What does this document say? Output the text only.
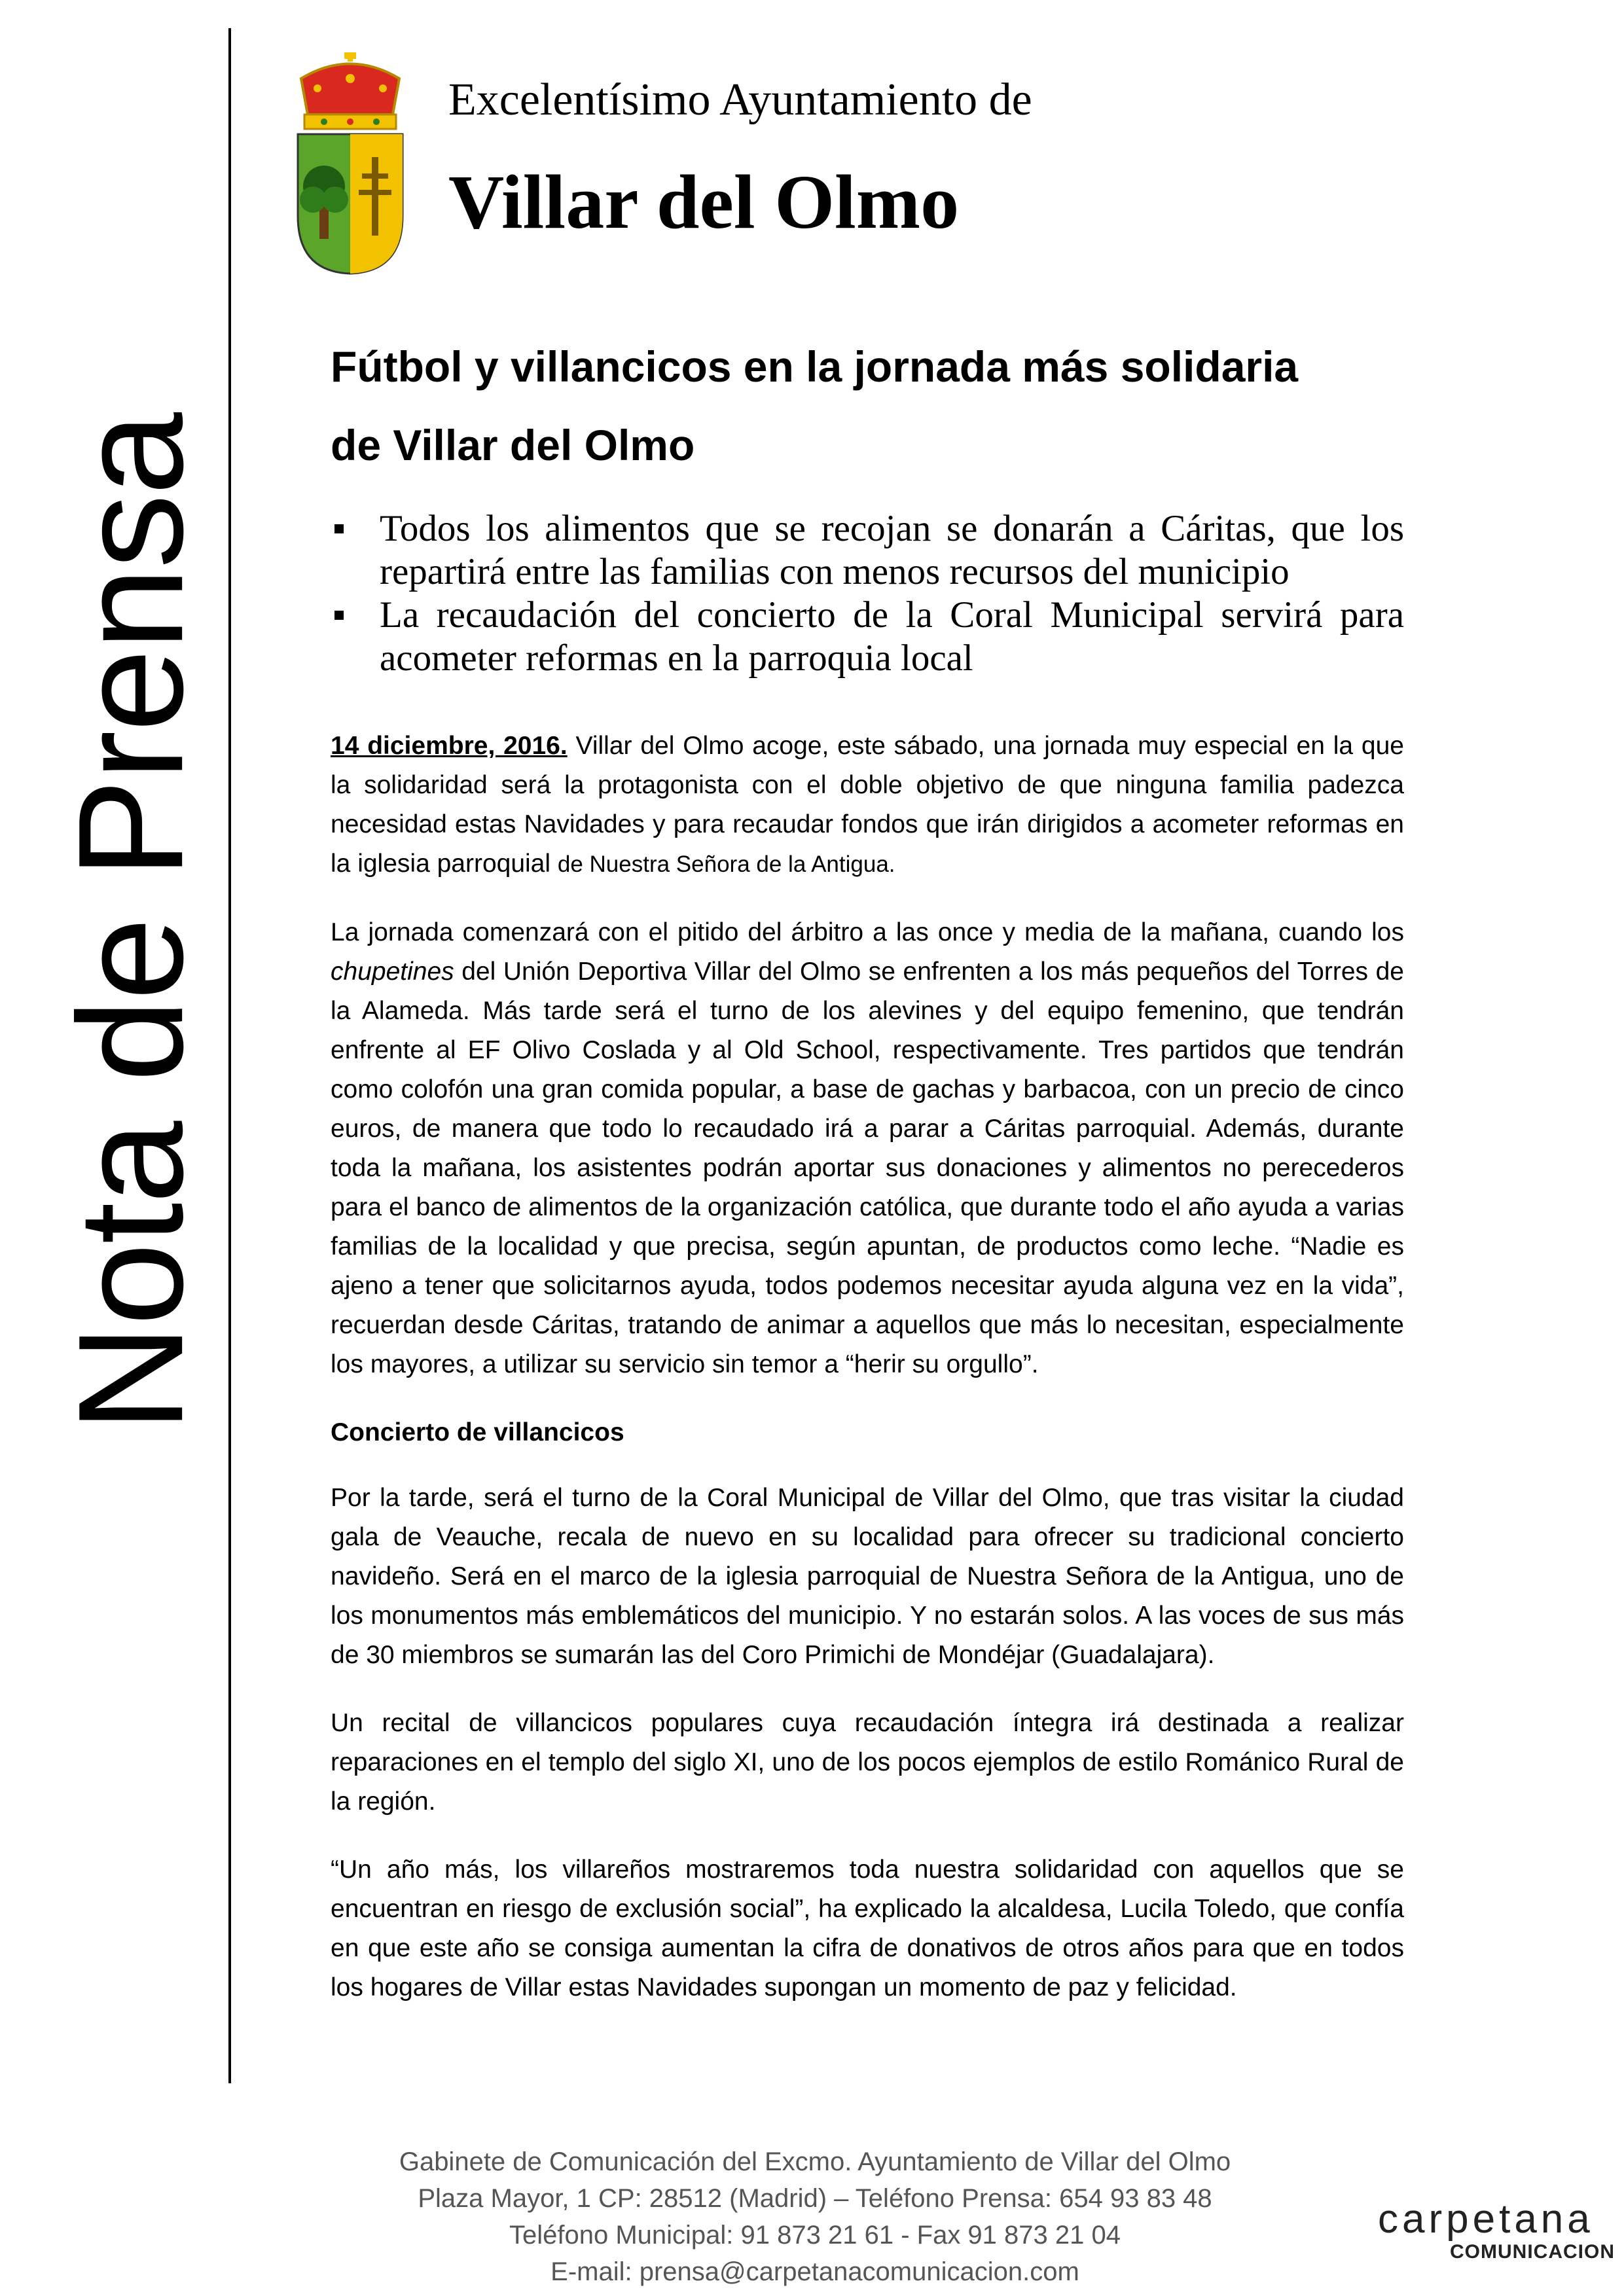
Nota de Prensa
Excelentísimo Ayuntamiento de
Villar del Olmo
Fútbol y villancicos en la jornada más solidaria
de Villar del Olmo
Todos los alimentos que se recojan se donarán a Cáritas, que los repartirá entre las familias con menos recursos del municipio
La recaudación del concierto de la Coral Municipal servirá para acometer reformas en la parroquia local

14 diciembre, 2016. Villar del Olmo acoge, este sábado, una jornada muy especial en la que la solidaridad será la protagonista con el doble objetivo de que ninguna familia padezca necesidad estas Navidades y para recaudar fondos que irán dirigidos a acometer reformas en la iglesia parroquial de Nuestra Señora de la Antigua.

La jornada comenzará con el pitido del árbitro a las once y media de la mañana, cuando los chupetines del Unión Deportiva Villar del Olmo se enfrenten a los más pequeños del Torres de la Alameda. Más tarde será el turno de los alevines y del equipo femenino, que tendrán enfrente al EF Olivo Coslada y al Old School, respectivamente. Tres partidos que tendrán como colofón una gran comida popular, a base de gachas y barbacoa, con un precio de cinco euros, de manera que todo lo recaudado irá a parar a Cáritas parroquial. Además, durante toda la mañana, los asistentes podrán aportar sus donaciones y alimentos no perecederos para el banco de alimentos de la organización católica, que durante todo el año ayuda a varias familias de la localidad y que precisa, según apuntan, de productos como leche. “Nadie es ajeno a tener que solicitarnos ayuda, todos podemos necesitar ayuda alguna vez en la vida”, recuerdan desde Cáritas, tratando de animar a aquellos que más lo necesitan, especialmente los mayores, a utilizar su servicio sin temor a “herir su orgullo”.

Concierto de villancicos

Por la tarde, será el turno de la Coral Municipal de Villar del Olmo, que tras visitar la ciudad gala de Veauche, recala de nuevo en su localidad para ofrecer su tradicional concierto navideño. Será en el marco de la iglesia parroquial de Nuestra Señora de la Antigua, uno de los monumentos más emblemáticos del municipio. Y no estarán solos. A las voces de sus más de 30 miembros se sumarán las del Coro Primichi de Mondéjar (Guadalajara).

Un recital de villancicos populares cuya recaudación íntegra irá destinada a realizar reparaciones en el templo del siglo XI, uno de los pocos ejemplos de estilo Románico Rural de la región.

“Un año más, los villareños mostraremos toda nuestra solidaridad con aquellos que se encuentran en riesgo de exclusión social”, ha explicado la alcaldesa, Lucila Toledo, que confía en que este año se consiga aumentan la cifra de donativos de otros años para que en todos los hogares de Villar estas Navidades supongan un momento de paz y felicidad.

Gabinete de Comunicación del Excmo. Ayuntamiento de Villar del Olmo
Plaza Mayor, 1 CP: 28512 (Madrid) – Teléfono Prensa: 654 93 83 48
Teléfono Municipal: 91 873 21 61 - Fax 91 873 21 04
E-mail: prensa@carpetanacomunicacion.com
carpetana
COMUNICACION
